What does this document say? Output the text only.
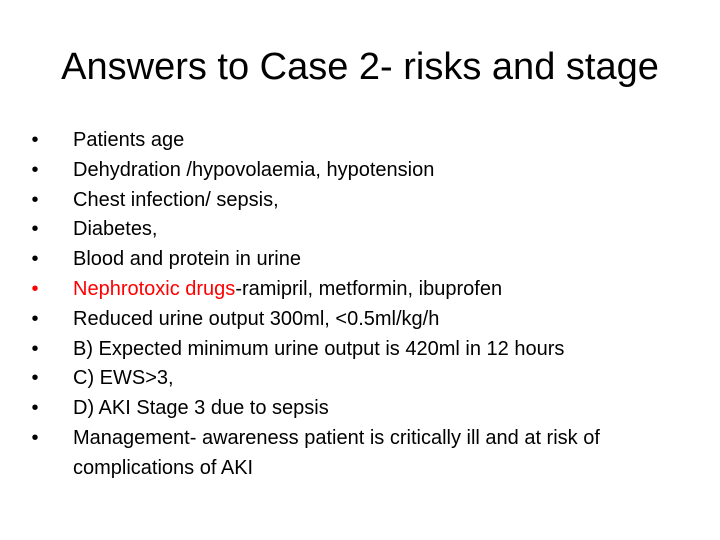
Answers to Case 2- risks and stage
• Patients age
• Dehydration /hypovolaemia, hypotension
• Chest infection/ sepsis,
• Diabetes,
• Blood and protein in urine
• Nephrotoxic drugs-ramipril, metformin, ibuprofen
• Reduced urine output 300ml, <0.5ml/kg/h
• B) Expected minimum urine output is 420ml in 12 hours
• C) EWS>3,
• D) AKI Stage 3 due to sepsis
• Management- awareness patient is critically ill and at risk of complications of AKI
